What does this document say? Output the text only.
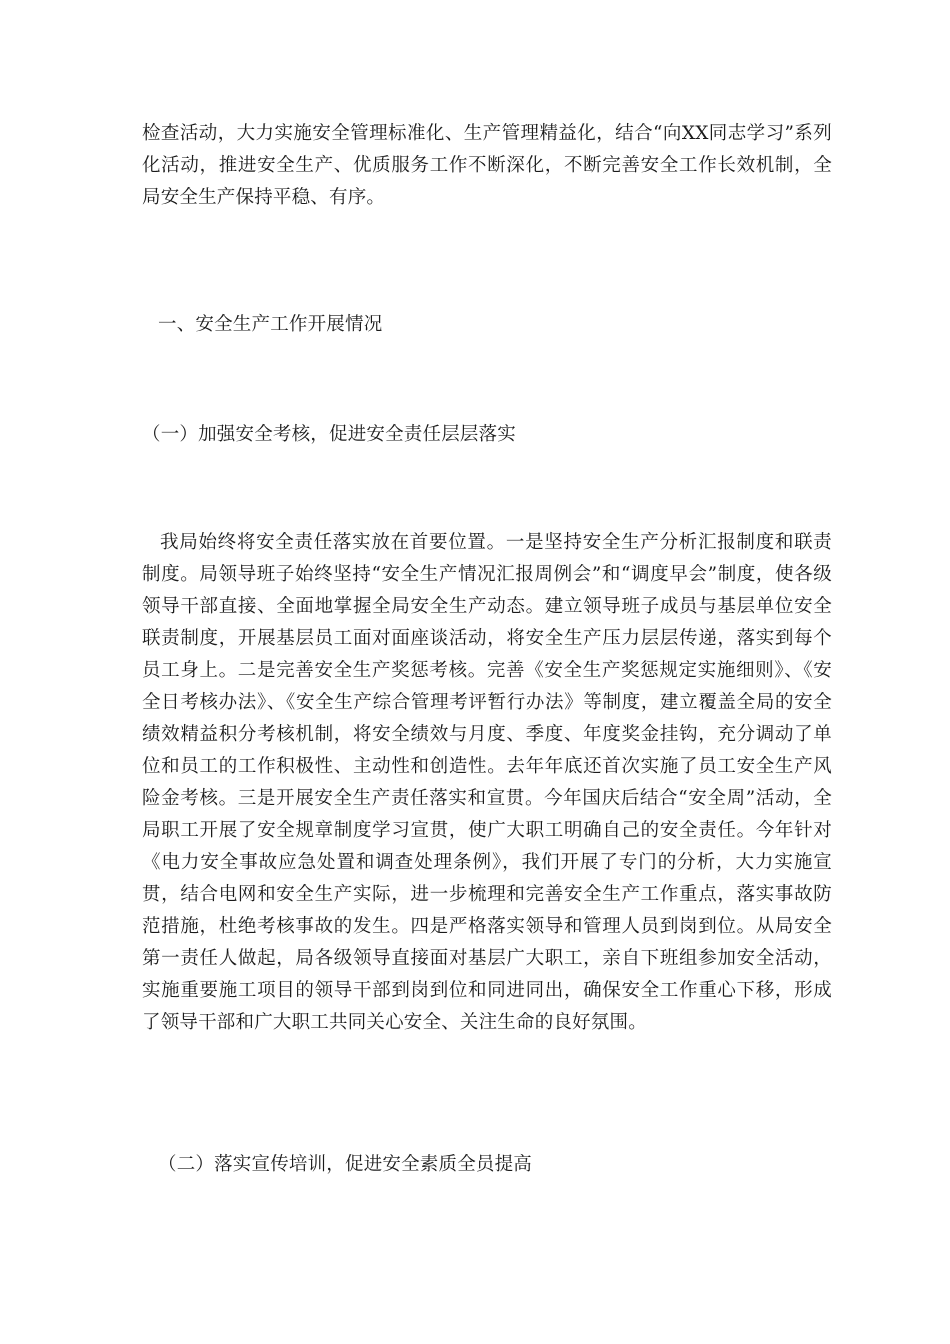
检查活动，大力实施安全管理标准化、生产管理精益化，结合“向XX同志学习”系列化活动，推进安全生产、优质服务工作不断深化，不断完善安全工作长效机制，全局安全生产保持平稳、有序。

一、安全生产工作开展情况

（一）加强安全考核，促进安全责任层层落实

我局始终将安全责任落实放在首要位置。一是坚持安全生产分析汇报制度和联责制度。局领导班子始终坚持“安全生产情况汇报周例会”和“调度早会”制度，使各级领导干部直接、全面地掌握全局安全生产动态。建立领导班子成员与基层单位安全联责制度，开展基层员工面对面座谈活动，将安全生产压力层层传递，落实到每个员工身上。二是完善安全生产奖惩考核。完善《安全生产奖惩规定实施细则》、《安全日考核办法》、《安全生产综合管理考评暂行办法》等制度，建立覆盖全局的安全绩效精益积分考核机制，将安全绩效与月度、季度、年度奖金挂钩，充分调动了单位和员工的工作积极性、主动性和创造性。去年年底还首次实施了员工安全生产风险金考核。三是开展安全生产责任落实和宣贯。今年国庆后结合“安全周”活动，全局职工开展了安全规章制度学习宣贯，使广大职工明确自己的安全责任。今年针对《电力安全事故应急处置和调查处理条例》，我们开展了专门的分析，大力实施宣贯，结合电网和安全生产实际，进一步梳理和完善安全生产工作重点，落实事故防范措施，杜绝考核事故的发生。四是严格落实领导和管理人员到岗到位。从局安全第一责任人做起，局各级领导直接面对基层广大职工，亲自下班组参加安全活动，实施重要施工项目的领导干部到岗到位和同进同出，确保安全工作重心下移，形成了领导干部和广大职工共同关心安全、关注生命的良好氛围。

（二）落实宣传培训，促进安全素质全员提高
